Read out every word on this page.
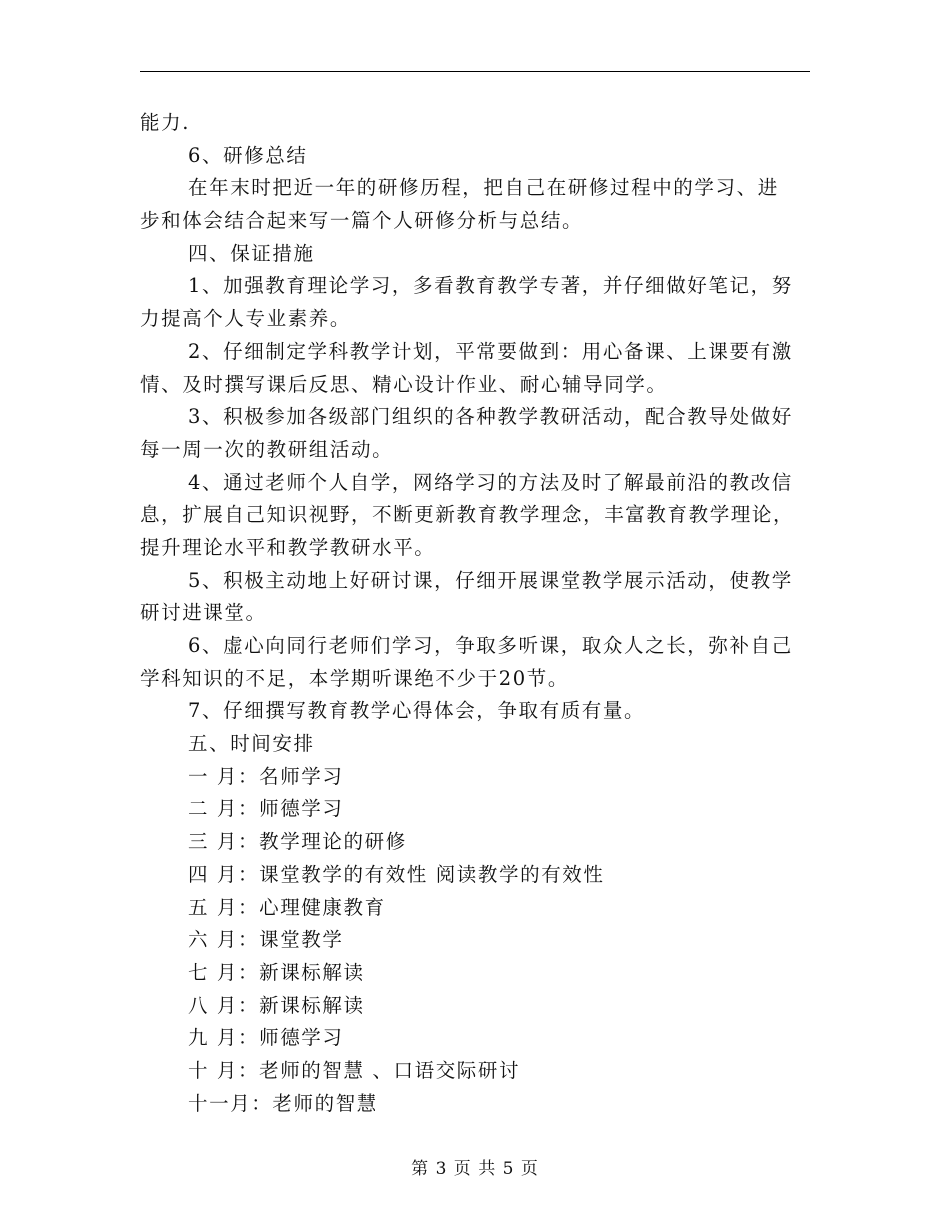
能力.
6、研修总结
在年末时把近一年的研修历程，把自己在研修过程中的学习、进
步和体会结合起来写一篇个人研修分析与总结。
四、保证措施
1、加强教育理论学习，多看教育教学专著，并仔细做好笔记，努
力提高个人专业素养。
2、仔细制定学科教学计划，平常要做到：用心备课、上课要有激
情、及时撰写课后反思、精心设计作业、耐心辅导同学。
3、积极参加各级部门组织的各种教学教研活动，配合教导处做好
每一周一次的教研组活动。
4、通过老师个人自学，网络学习的方法及时了解最前沿的教改信
息，扩展自己知识视野，不断更新教育教学理念，丰富教育教学理论，
提升理论水平和教学教研水平。
5、积极主动地上好研讨课，仔细开展课堂教学展示活动，使教学
研讨进课堂。
6、虚心向同行老师们学习，争取多听课，取众人之长，弥补自己
学科知识的不足，本学期听课绝不少于20节。
7、仔细撰写教育教学心得体会，争取有质有量。
五、时间安排
一 月：名师学习
二 月：师德学习
三 月：教学理论的研修
四 月：课堂教学的有效性 阅读教学的有效性
五 月：心理健康教育
六 月：课堂教学
七 月：新课标解读
八 月：新课标解读
九 月：师德学习
十 月：老师的智慧 、口语交际研讨
十一月：老师的智慧
第 3 页 共 5 页
